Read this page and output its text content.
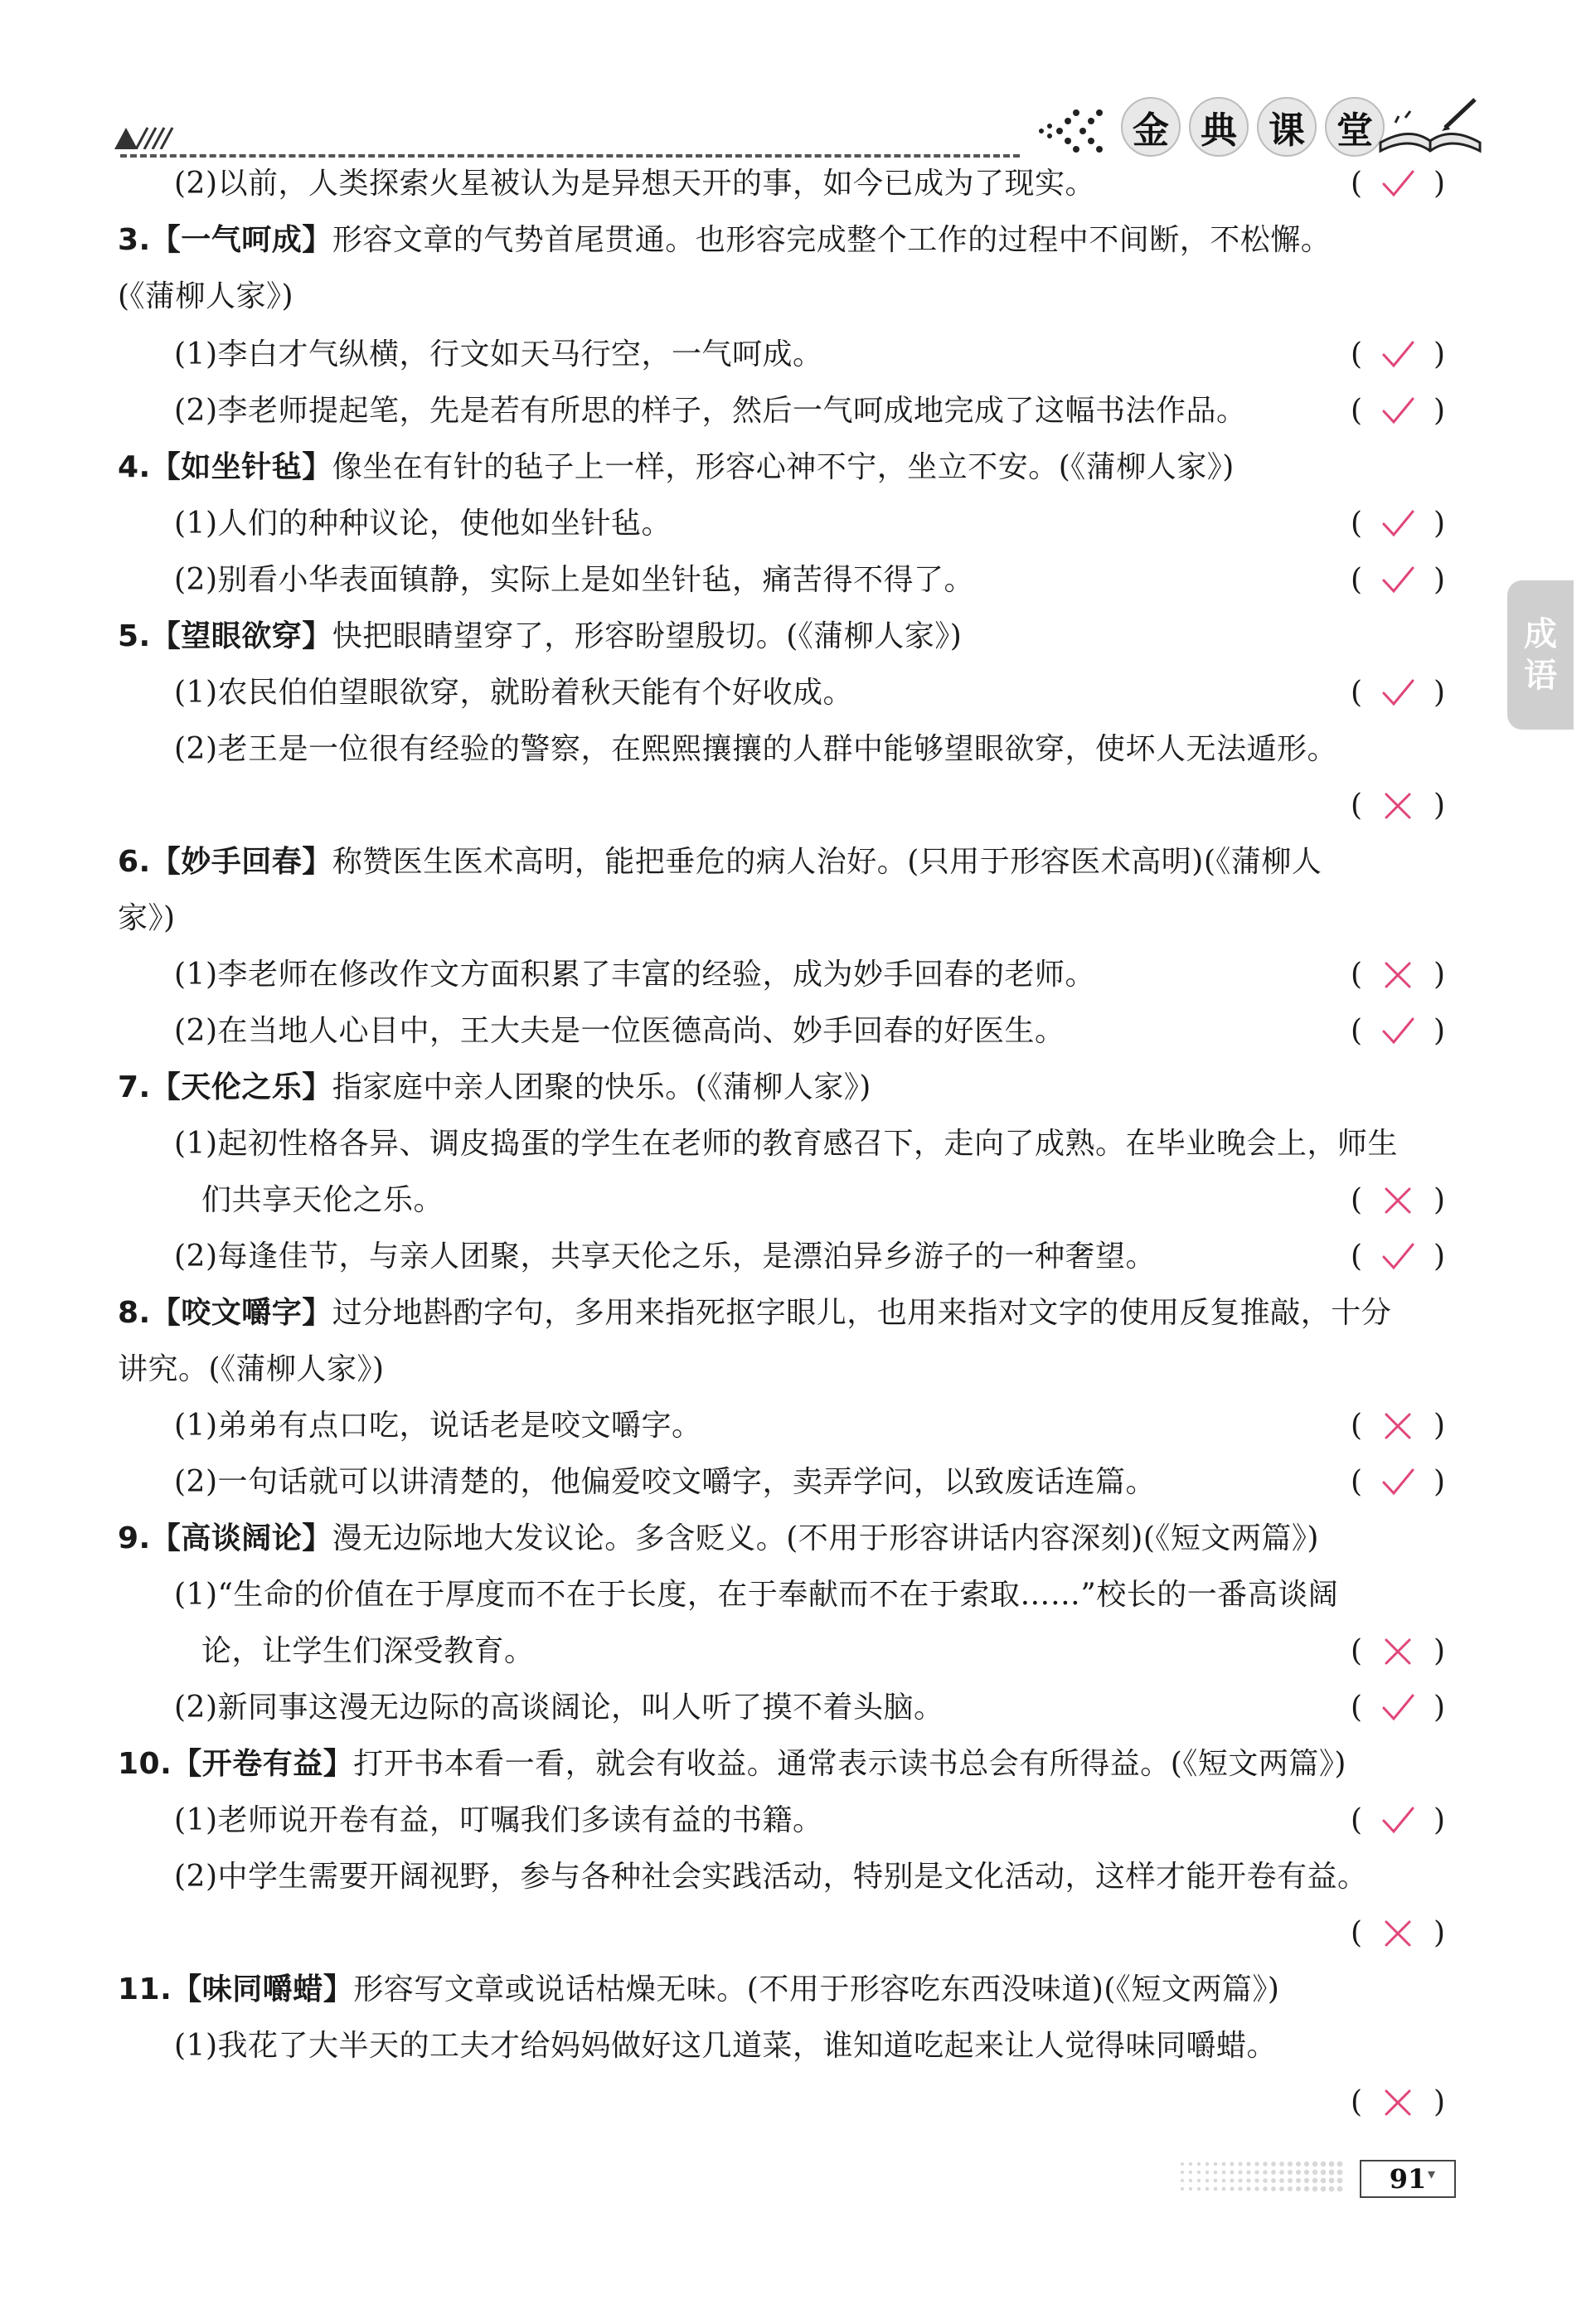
金 典 课 堂
成
语
(2)以前，人类探索火星被认为是异想天开的事，如今已成为了现实。	( )
3.【一气呵成】形容文章的气势首尾贯通。也形容完成整个工作的过程中不间断，不松懈。
(《蒲柳人家》)
(1)李白才气纵横，行文如天马行空，一气呵成。	( )
(2)李老师提起笔，先是若有所思的样子，然后一气呵成地完成了这幅书法作品。	( )
4.【如坐针毡】像坐在有针的毡子上一样，形容心神不宁，坐立不安。(《蒲柳人家》)
(1)人们的种种议论，使他如坐针毡。	( )
(2)别看小华表面镇静，实际上是如坐针毡，痛苦得不得了。	( )
5.【望眼欲穿】快把眼睛望穿了，形容盼望殷切。(《蒲柳人家》)
(1)农民伯伯望眼欲穿，就盼着秋天能有个好收成。	( )
(2)老王是一位很有经验的警察，在熙熙攘攘的人群中能够望眼欲穿，使坏人无法遁形。
( )
6.【妙手回春】称赞医生医术高明，能把垂危的病人治好。(只用于形容医术高明)(《蒲柳人
家》)
(1)李老师在修改作文方面积累了丰富的经验，成为妙手回春的老师。	( )
(2)在当地人心目中，王大夫是一位医德高尚、妙手回春的好医生。	( )
7.【天伦之乐】指家庭中亲人团聚的快乐。(《蒲柳人家》)
(1)起初性格各异、调皮捣蛋的学生在老师的教育感召下，走向了成熟。在毕业晚会上，师生
们共享天伦之乐。	( )
(2)每逢佳节，与亲人团聚，共享天伦之乐，是漂泊异乡游子的一种奢望。	( )
8.【咬文嚼字】过分地斟酌字句，多用来指死抠字眼儿，也用来指对文字的使用反复推敲，十分
讲究。(《蒲柳人家》)
(1)弟弟有点口吃，说话老是咬文嚼字。	( )
(2)一句话就可以讲清楚的，他偏爱咬文嚼字，卖弄学问，以致废话连篇。	( )
9.【高谈阔论】漫无边际地大发议论。多含贬义。(不用于形容讲话内容深刻)(《短文两篇》)
(1)“生命的价值在于厚度而不在于长度，在于奉献而不在于索取……”校长的一番高谈阔
论，让学生们深受教育。	( )
(2)新同事这漫无边际的高谈阔论，叫人听了摸不着头脑。	( )
10.【开卷有益】打开书本看一看，就会有收益。通常表示读书总会有所得益。(《短文两篇》)
(1)老师说开卷有益，叮嘱我们多读有益的书籍。	( )
(2)中学生需要开阔视野，参与各种社会实践活动，特别是文化活动，这样才能开卷有益。
( )
11.【味同嚼蜡】形容写文章或说话枯燥无味。(不用于形容吃东西没味道)(《短文两篇》)
(1)我花了大半天的工夫才给妈妈做好这几道菜，谁知道吃起来让人觉得味同嚼蜡。
( )
91 ▾
